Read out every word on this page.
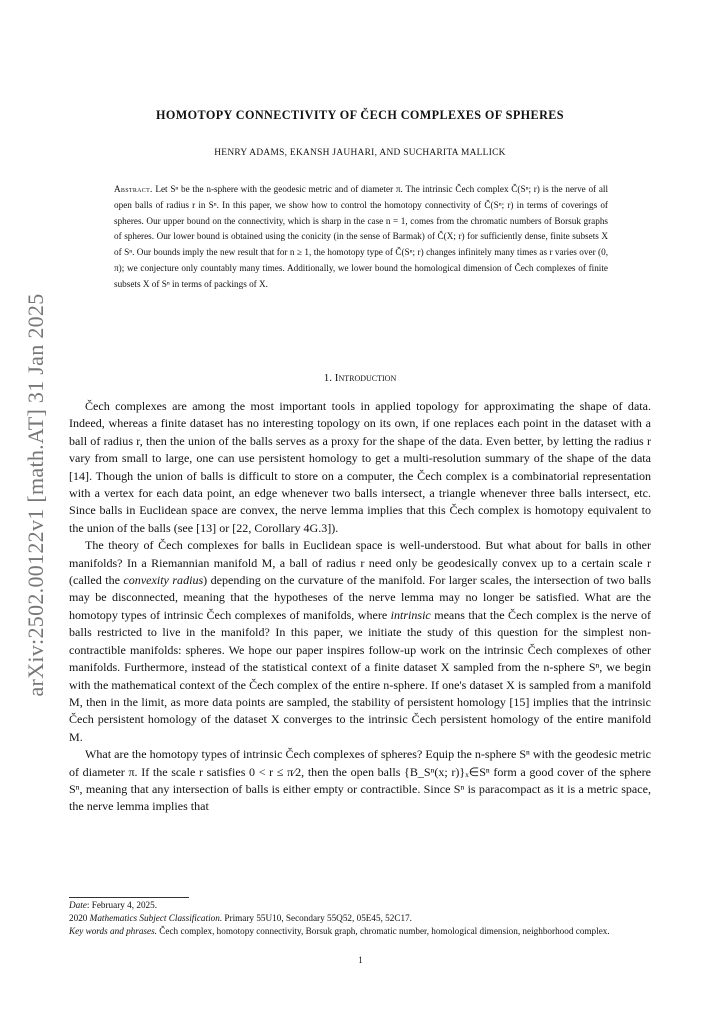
arXiv:2502.00122v1 [math.AT] 31 Jan 2025
HOMOTOPY CONNECTIVITY OF ČECH COMPLEXES OF SPHERES
HENRY ADAMS, EKANSH JAUHARI, AND SUCHARITA MALLICK
Abstract. Let Sⁿ be the n-sphere with the geodesic metric and of diameter π. The intrinsic Čech complex Č(Sⁿ; r) is the nerve of all open balls of radius r in Sⁿ. In this paper, we show how to control the homotopy connectivity of Č(Sⁿ; r) in terms of coverings of spheres. Our upper bound on the connectivity, which is sharp in the case n = 1, comes from the chromatic numbers of Borsuk graphs of spheres. Our lower bound is obtained using the conicity (in the sense of Barmak) of Č(X; r) for sufficiently dense, finite subsets X of Sⁿ. Our bounds imply the new result that for n ≥ 1, the homotopy type of Č(Sⁿ; r) changes infinitely many times as r varies over (0, π); we conjecture only countably many times. Additionally, we lower bound the homological dimension of Čech complexes of finite subsets X of Sⁿ in terms of packings of X.
1. Introduction

Čech complexes are among the most important tools in applied topology for approximating the shape of data. Indeed, whereas a finite dataset has no interesting topology on its own, if one replaces each point in the dataset with a ball of radius r, then the union of the balls serves as a proxy for the shape of the data. Even better, by letting the radius r vary from small to large, one can use persistent homology to get a multi-resolution summary of the shape of the data [14]. Though the union of balls is difficult to store on a computer, the Čech complex is a combinatorial representation with a vertex for each data point, an edge whenever two balls intersect, a triangle whenever three balls intersect, etc. Since balls in Euclidean space are convex, the nerve lemma implies that this Čech complex is homotopy equivalent to the union of the balls (see [13] or [22, Corollary 4G.3]).

The theory of Čech complexes for balls in Euclidean space is well-understood. But what about for balls in other manifolds? In a Riemannian manifold M, a ball of radius r need only be geodesically convex up to a certain scale r (called the convexity radius) depending on the curvature of the manifold. For larger scales, the intersection of two balls may be disconnected, meaning that the hypotheses of the nerve lemma may no longer be satisfied. What are the homotopy types of intrinsic Čech complexes of manifolds, where intrinsic means that the Čech complex is the nerve of balls restricted to live in the manifold? In this paper, we initiate the study of this question for the simplest non-contractible manifolds: spheres. We hope our paper inspires follow-up work on the intrinsic Čech complexes of other manifolds. Furthermore, instead of the statistical context of a finite dataset X sampled from the n-sphere Sⁿ, we begin with the mathematical context of the Čech complex of the entire n-sphere. If one's dataset X is sampled from a manifold M, then in the limit, as more data points are sampled, the stability of persistent homology [15] implies that the intrinsic Čech persistent homology of the dataset X converges to the intrinsic Čech persistent homology of the entire manifold M.

What are the homotopy types of intrinsic Čech complexes of spheres? Equip the n-sphere Sⁿ with the geodesic metric of diameter π. If the scale r satisfies 0 < r ≤ π⁄2, then the open balls {B_Sⁿ(x; r)}ₓ∈Sⁿ form a good cover of the sphere Sⁿ, meaning that any intersection of balls is either empty or contractible. Since Sⁿ is paracompact as it is a metric space, the nerve lemma implies that

Date: February 4, 2025.

2020 Mathematics Subject Classification. Primary 55U10, Secondary 55Q52, 05E45, 52C17.

Key words and phrases. Čech complex, homotopy connectivity, Borsuk graph, chromatic number, homological dimension, neighborhood complex.

1
